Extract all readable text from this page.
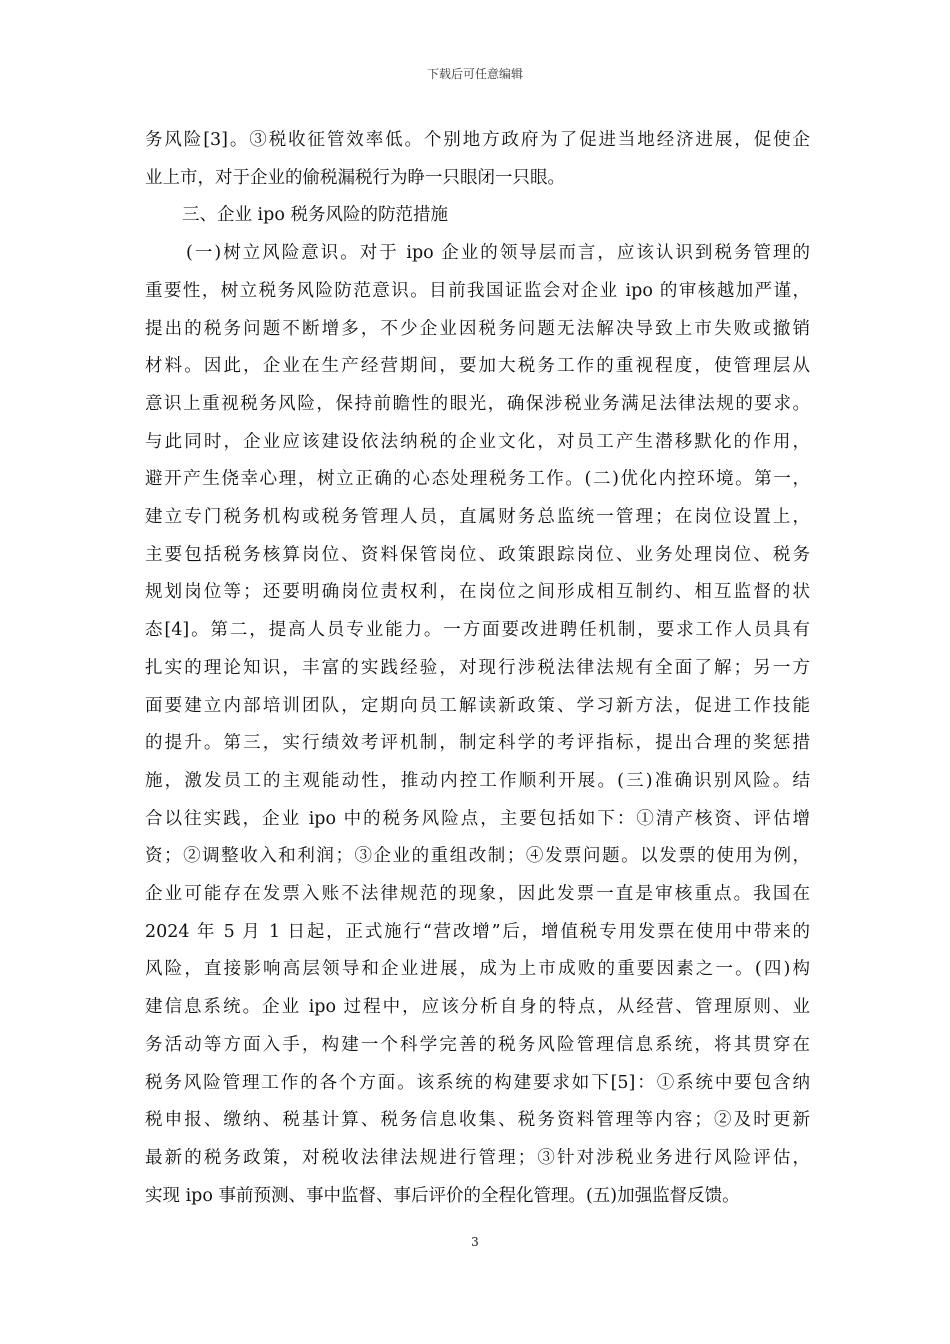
下载后可任意编辑
务风险[3]。③税收征管效率低。个别地方政府为了促进当地经济进展，促使企
业上市，对于企业的偷税漏税行为睁一只眼闭一只眼。
三、企业 ipo 税务风险的防范措施
(一)树立风险意识。对于 ipo 企业的领导层而言，应该认识到税务管理的
重要性，树立税务风险防范意识。目前我国证监会对企业 ipo 的审核越加严谨，
提出的税务问题不断增多，不少企业因税务问题无法解决导致上市失败或撤销
材料。因此，企业在生产经营期间，要加大税务工作的重视程度，使管理层从
意识上重视税务风险，保持前瞻性的眼光，确保涉税业务满足法律法规的要求。
与此同时，企业应该建设依法纳税的企业文化，对员工产生潜移默化的作用，
避开产生侥幸心理，树立正确的心态处理税务工作。(二)优化内控环境。第一，
建立专门税务机构或税务管理人员，直属财务总监统一管理；在岗位设置上，
主要包括税务核算岗位、资料保管岗位、政策跟踪岗位、业务处理岗位、税务
规划岗位等；还要明确岗位责权利，在岗位之间形成相互制约、相互监督的状
态[4]。第二，提高人员专业能力。一方面要改进聘任机制，要求工作人员具有
扎实的理论知识，丰富的实践经验，对现行涉税法律法规有全面了解；另一方
面要建立内部培训团队，定期向员工解读新政策、学习新方法，促进工作技能
的提升。第三，实行绩效考评机制，制定科学的考评指标，提出合理的奖惩措
施，激发员工的主观能动性，推动内控工作顺利开展。(三)准确识别风险。结
合以往实践，企业 ipo 中的税务风险点，主要包括如下：①清产核资、评估增
资；②调整收入和利润；③企业的重组改制；④发票问题。以发票的使用为例，
企业可能存在发票入账不法律规范的现象，因此发票一直是审核重点。我国在
2024 年 5 月 1 日起，正式施行“营改增”后，增值税专用发票在使用中带来的
风险，直接影响高层领导和企业进展，成为上市成败的重要因素之一。(四)构
建信息系统。企业 ipo 过程中，应该分析自身的特点，从经营、管理原则、业
务活动等方面入手，构建一个科学完善的税务风险管理信息系统，将其贯穿在
税务风险管理工作的各个方面。该系统的构建要求如下[5]：①系统中要包含纳
税申报、缴纳、税基计算、税务信息收集、税务资料管理等内容；②及时更新
最新的税务政策，对税收法律法规进行管理；③针对涉税业务进行风险评估，
实现 ipo 事前预测、事中监督、事后评价的全程化管理。(五)加强监督反馈。
3
